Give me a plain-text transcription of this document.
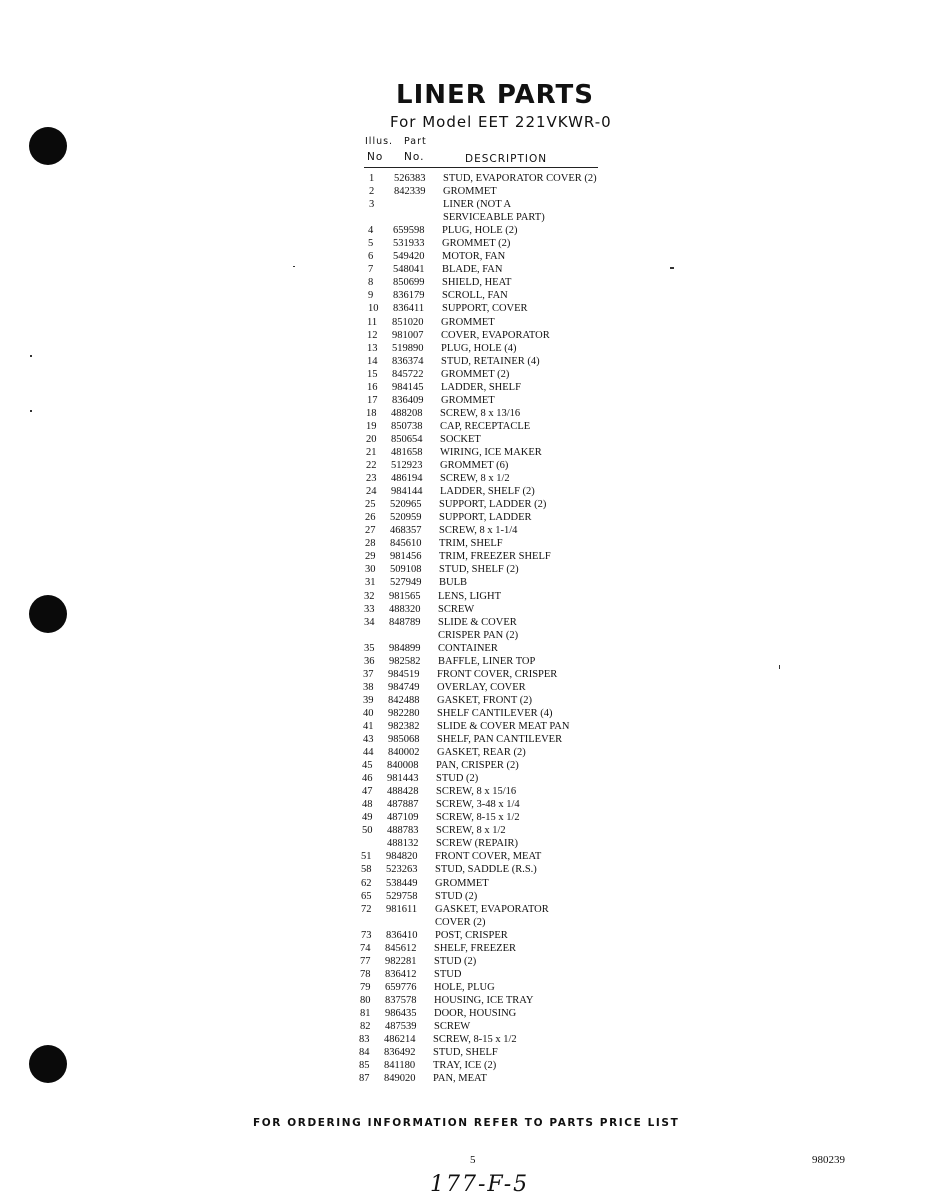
LINER PARTS
For Model EET 221VKWR-0
Illus. Part
No No.	DESCRIPTION
1 526383 STUD, EVAPORATOR COVER (2)
2 842339 GROMMET
3	LINER (NOT A
SERVICEABLE PART)
4 659598 PLUG, HOLE (2)
5 531933 GROMMET (2)
6 549420 MOTOR, FAN
7 548041 BLADE, FAN
8 850699 SHIELD, HEAT
9 836179 SCROLL, FAN
10 836411 SUPPORT, COVER
11 851020 GROMMET
12 981007 COVER, EVAPORATOR
13 519890 PLUG, HOLE (4)
14 836374 STUD, RETAINER (4)
15 845722 GROMMET (2)
16 984145 LADDER, SHELF
17 836409 GROMMET
18 488208 SCREW, 8 x 13/16
19 850738 CAP, RECEPTACLE
20 850654 SOCKET
21 481658 WIRING, ICE MAKER
22 512923 GROMMET (6)
23 486194 SCREW, 8 x 1/2
24 984144 LADDER, SHELF (2)
25 520965 SUPPORT, LADDER (2)
26 520959 SUPPORT, LADDER
27 468357 SCREW, 8 x 1-1/4
28 845610 TRIM, SHELF
29 981456 TRIM, FREEZER SHELF
30 509108 STUD, SHELF (2)
31 527949 BULB
32 981565 LENS, LIGHT
33 488320 SCREW
34 848789 SLIDE & COVER
CRISPER PAN (2)
35 984899 CONTAINER
36 982582 BAFFLE, LINER TOP
37 984519 FRONT COVER, CRISPER
38 984749 OVERLAY, COVER
39 842488 GASKET, FRONT (2)
40 982280 SHELF CANTILEVER (4)
41 982382 SLIDE & COVER MEAT PAN
43 985068 SHELF, PAN CANTILEVER
44 840002 GASKET, REAR (2)
45 840008 PAN, CRISPER (2)
46 981443 STUD (2)
47 488428 SCREW, 8 x 15/16
48 487887 SCREW, 3-48 x 1/4
49 487109 SCREW, 8-15 x 1/2
50 488783 SCREW, 8 x 1/2
488132 SCREW (REPAIR)
51 984820 FRONT COVER, MEAT
58 523263 STUD, SADDLE (R.S.)
62 538449 GROMMET
65 529758 STUD (2)
72 981611 GASKET, EVAPORATOR
COVER (2)
73 836410 POST, CRISPER
74 845612 SHELF, FREEZER
77 982281 STUD (2)
78 836412 STUD
79 659776 HOLE, PLUG
80 837578 HOUSING, ICE TRAY
81 986435 DOOR, HOUSING
82 487539 SCREW
83 486214 SCREW, 8-15 x 1/2
84 836492 STUD, SHELF
85 841180 TRAY, ICE (2)
87 849020 PAN, MEAT
FOR ORDERING INFORMATION REFER TO PARTS PRICE LIST
5	980239
177-F-5
